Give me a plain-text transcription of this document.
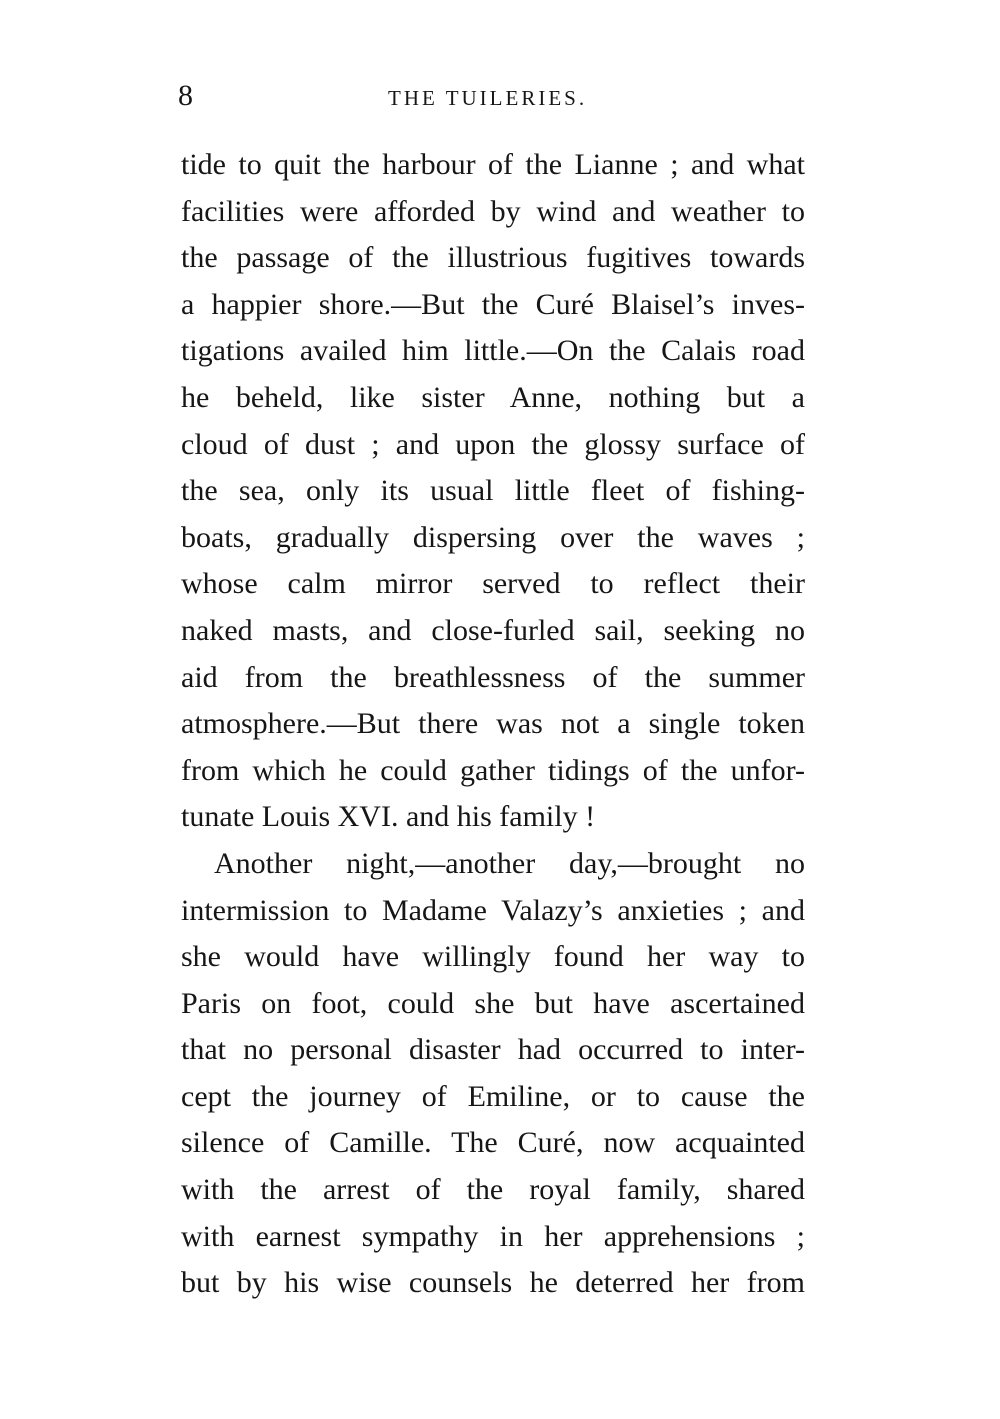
8	THE TUILERIES.
tide to quit the harbour of the Lianne ; and what
facilities were afforded by wind and weather to
the passage of the illustrious fugitives towards
a happier shore.—But the Curé Blaisel’s inves-
tigations availed him little.—On the Calais road
he beheld, like sister Anne, nothing but a
cloud of dust ; and upon the glossy surface of
the sea, only its usual little fleet of fishing-
boats, gradually dispersing over the waves ;
whose calm mirror served to reflect their
naked masts, and close-furled sail, seeking no
aid from the breathlessness of the summer
atmosphere.—But there was not a single token
from which he could gather tidings of the unfor-
tunate Louis XVI. and his family !
Another night,—another day,—brought no
intermission to Madame Valazy’s anxieties ; and
she would have willingly found her way to
Paris on foot, could she but have ascertained
that no personal disaster had occurred to inter-
cept the journey of Emiline, or to cause the
silence of Camille. The Curé, now acquainted
with the arrest of the royal family, shared
with earnest sympathy in her apprehensions ;
but by his wise counsels he deterred her from
